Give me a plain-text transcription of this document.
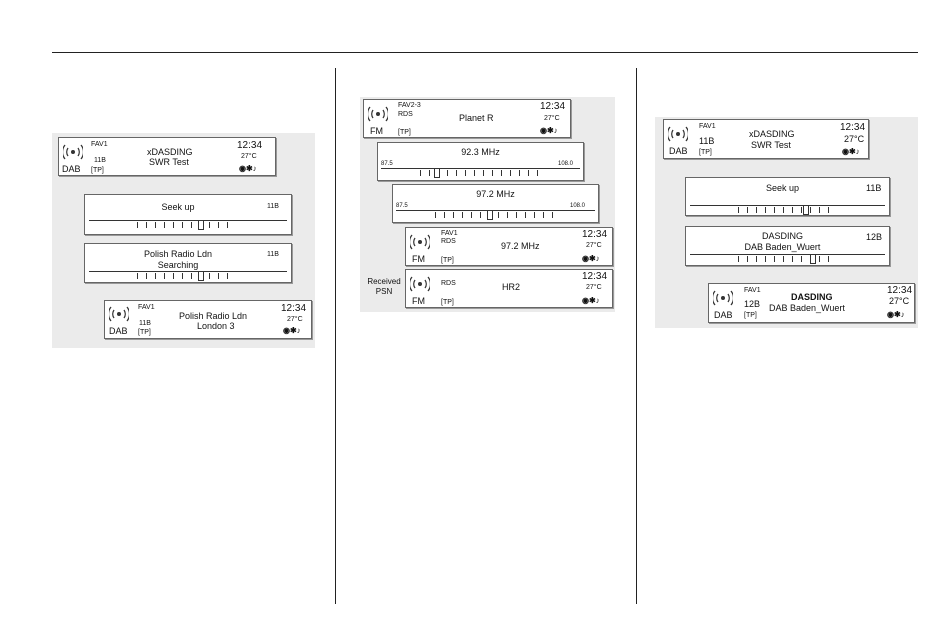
DAB
FAV1
11B
[TP]
xDASDING
SWR Test
12:34
27°C
◉✱♪
Seek up	11B
Polish Radio Ldn
Searching
11B
DAB
FAV1
11B
[TP]
Polish Radio Ldn
London 3
12:34
27°C
◉✱♪
FM
FAV2-3
RDS
[TP]
Planet R
12:34
27°C
◉✱♪
92.3 MHz
87.5	108.0
97.2 MHz
87.5	108.0
FM
FAV1
RDS
[TP]
97.2 MHz
12:34
27°C
◉✱♪
Received
PSN
FM
RDS
[TP]
HR2
12:34
27°C
◉✱♪
DAB
FAV1
11B
[TP]
xDASDING
SWR Test
12:34
27°C
◉✱♪
Seek up	11B
DASDING
DAB Baden_Wuert
12B
DAB
FAV1
12B
[TP]
DASDING
DAB Baden_Wuert
12:34
27°C
◉✱♪
